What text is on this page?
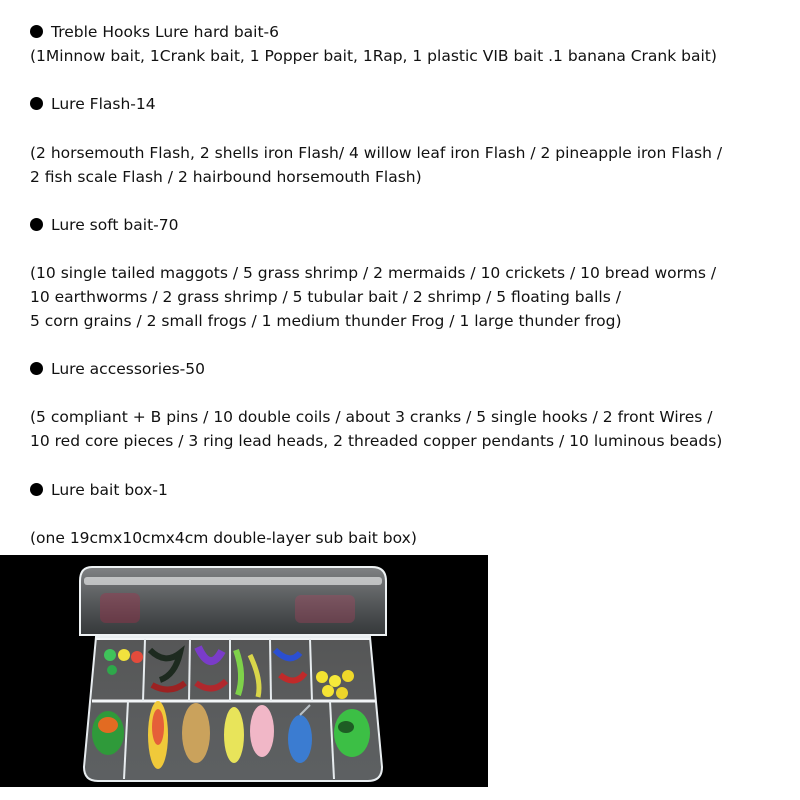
Treble Hooks Lure hard bait-6
(1Minnow bait, 1Crank bait, 1 Popper bait, 1Rap, 1 plastic VIB bait .1 banana Crank bait)
Lure Flash-14
(2 horsemouth Flash, 2 shells iron Flash/ 4 willow leaf iron Flash / 2 pineapple iron Flash /
2 fish scale Flash / 2 hairbound horsemouth Flash)
Lure soft bait-70
(10 single tailed maggots / 5 grass shrimp / 2 mermaids / 10 crickets / 10 bread worms /
10 earthworms / 2 grass shrimp / 5 tubular bait / 2 shrimp / 5 floating balls /
5 corn grains / 2 small frogs / 1 medium thunder Frog / 1 large thunder frog)
Lure accessories-50
(5 compliant + B pins / 10 double coils / about 3 cranks / 5 single hooks / 2 front Wires /
10 red core pieces / 3 ring lead heads, 2 threaded copper pendants / 10 luminous beads)
Lure bait box-1
(one 19cmx10cmx4cm double-layer sub bait box)
